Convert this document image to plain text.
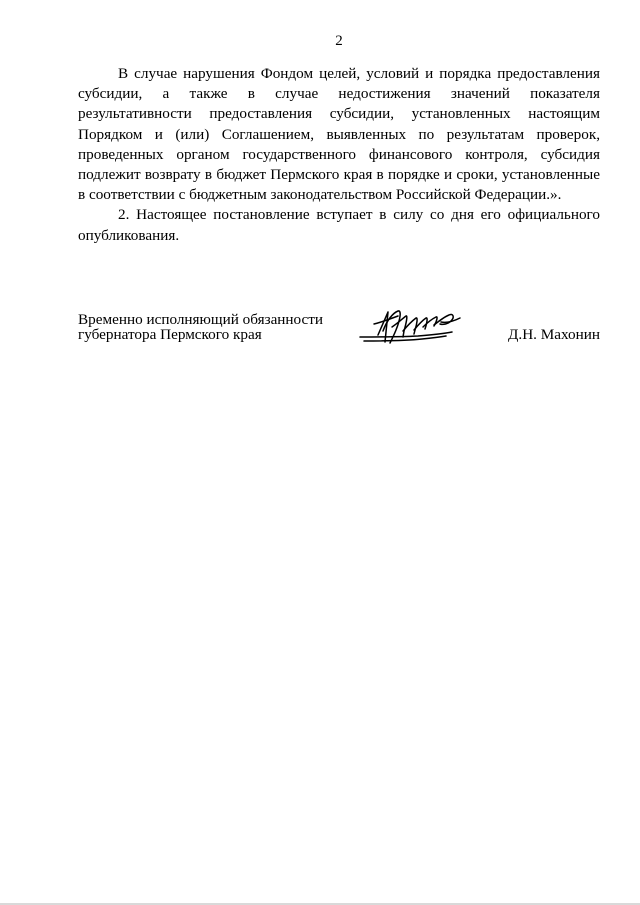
2

В случае нарушения Фондом целей, условий и порядка предоставления субсидии, а также в случае недостижения значений показателя результативности предоставления субсидии, установленных настоящим Порядком и (или) Соглашением, выявленных по результатам проверок, проведенных органом государственного финансового контроля, субсидия подлежит возврату в бюджет Пермского края в порядке и сроки, установленные в соответствии с бюджетным законодательством Российской Федерации.».

2. Настоящее постановление вступает в силу со дня его официального опубликования.

Временно исполняющий обязанности
губернатора Пермского края	Д.Н. Махонин
